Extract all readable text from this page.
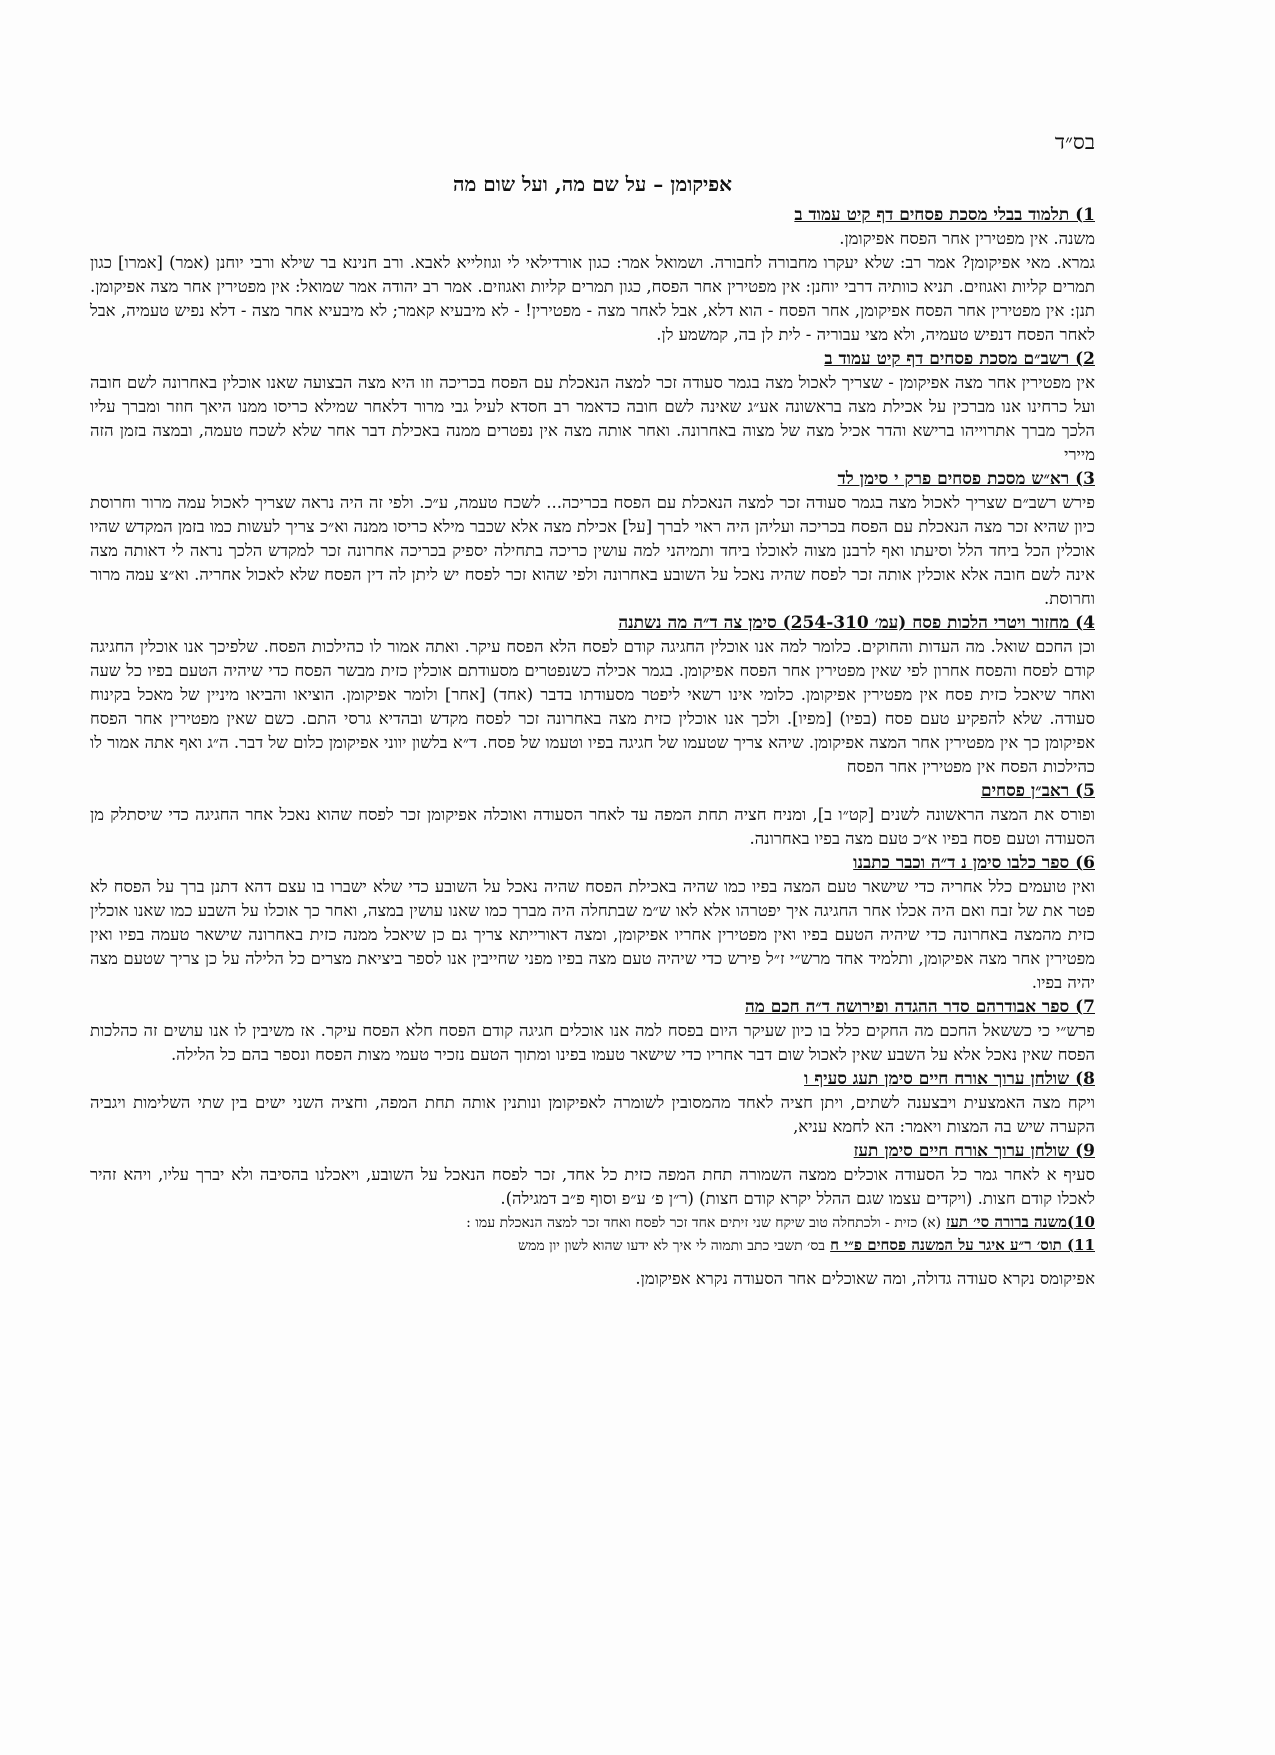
בס״ד
אפיקומן – על שם מה, ועל שום מה
1) תלמוד בבלי מסכת פסחים דף קיט עמוד ב

משנה. אין מפטירין אחר הפסח אפיקומן.

גמרא. מאי אפיקומן? אמר רב: שלא יעקרו מחבורה לחבורה. ושמואל אמר: כגון אורדילאי לי וגוזלייא לאבא. ורב חנינא בר שילא ורבי יוחנן (אמר) [אמרו] כגון תמרים קליות ואגוזים. תניא כוותיה דרבי יוחנן: אין מפטירין אחר הפסח, כגון תמרים קליות ואגוזים. אמר רב יהודה אמר שמואל: אין מפטירין אחר מצה אפיקומן. תנן: אין מפטירין אחר הפסח אפיקומן, אחר הפסח - הוא דלא, אבל לאחר מצה - מפטירין! - לא מיבעיא קאמר; לא מיבעיא אחר מצה - דלא נפיש טעמיה, אבל לאחר הפסח דנפיש טעמיה, ולא מצי עבוריה - לית לן בה, קמשמע לן.

2) רשב״ם מסכת פסחים דף קיט עמוד ב

אין מפטירין אחר מצה אפיקומן - שצריך לאכול מצה בגמר סעודה זכר למצה הנאכלת עם הפסח בכריכה וזו היא מצה הבצועה שאנו אוכלין באחרונה לשם חובה ועל כרחינו אנו מברכין על אכילת מצה בראשונה אע״ג שאינה לשם חובה כדאמר רב חסדא לעיל גבי מרור דלאחר שמילא כריסו ממנו היאך חוזר ומברך עליו הלכך מברך אתרוייהו ברישא והדר אכיל מצה של מצוה באחרונה. ואחר אותה מצה אין נפטרים ממנה באכילת דבר אחר שלא לשכח טעמה, ובמצה בזמן הזה מיירי

3) רא״ש מסכת פסחים פרק י סימן לד

פירש רשב״ם שצריך לאכול מצה בגמר סעודה זכר למצה הנאכלת עם הפסח בכריכה... לשכח טעמה, ע״כ. ולפי זה היה נראה שצריך לאכול עמה מרור וחרוסת כיון שהיא זכר מצה הנאכלת עם הפסח בכריכה ועליהן היה ראוי לברך [על] אכילת מצה אלא שכבר מילא כריסו ממנה וא״כ צריך לעשות כמו בזמן המקדש שהיו אוכלין הכל ביחד הלל וסיעתו ואף לרבנן מצוה לאוכלו ביחד ותמיהני למה עושין כריכה בתחילה יספיק בכריכה אחרונה זכר למקדש הלכך נראה לי דאותה מצה אינה לשם חובה אלא אוכלין אותה זכר לפסח שהיה נאכל על השובע באחרונה ולפי שהוא זכר לפסח יש ליתן לה דין הפסח שלא לאכול אחריה. וא״צ עמה מרור וחרוסת.

4) מחזור ויטרי הלכות פסח (עמ׳ 254-310) סימן צה ד״ה מה נשתנה

וכן החכם שואל. מה העדות והחוקים. כלומר למה אנו אוכלין החגיגה קודם לפסח הלא הפסח עיקר. ואתה אמור לו כהילכות הפסח. שלפיכך אנו אוכלין החגיגה קודם לפסח והפסח אחרון לפי שאין מפטירין אחר הפסח אפיקומן. בגמר אכילה כשנפטרים מסעודתם אוכלין כזית מבשר הפסח כדי שיהיה הטעם בפיו כל שעה ואחר שיאכל כזית פסח אין מפטירין אפיקומן. כלומי אינו רשאי ליפטר מסעודתו בדבר (אחד) [אחר] ולומר אפיקומן. הוציאו והביאו מיניין של מאכל בקינוח סעודה. שלא להפקיע טעם פסח (בפיו) [מפיו]. ולכך אנו אוכלין כזית מצה באחרונה זכר לפסח מקדש ובהדיא גרסי התם. כשם שאין מפטירין אחר הפסח אפיקומן כך אין מפטירין אחר המצה אפיקומן. שיהא צריך שטעמו של חגיגה בפיו וטעמו של פסח. ד״א בלשון יווני אפיקומן כלום של דבר. ה״ג ואף אתה אמור לו כהילכות הפסח אין מפטירין אחר הפסח

5) ראב״ן פסחים

ופורס את המצה הראשונה לשנים [קט״ו ב], ומניח חציה תחת המפה עד לאחר הסעודה ואוכלה אפיקומן זכר לפסח שהוא נאכל אחר החגיגה כדי שיסתלק מן הסעודה וטעם פסח בפיו א״כ טעם מצה בפיו באחרונה.

6) ספר כלבו סימן נ ד״ה וכבר כתבנו

ואין טועמים כלל אחריה כדי שישאר טעם המצה בפיו כמו שהיה באכילת הפסח שהיה נאכל על השובע כדי שלא ישברו בו עצם דהא דתנן ברך על הפסח לא פטר את של זבח ואם היה אכלו אחר החגיגה איך יפטרהו אלא לאו ש״מ שבתחלה היה מברך כמו שאנו עושין במצה, ואחר כך אוכלו על השבע כמו שאנו אוכלין כזית מהמצה באחרונה כדי שיהיה הטעם בפיו ואין מפטירין אחריו אפיקומן, ומצה דאורייתא צריך גם כן שיאכל ממנה כזית באחרונה שישאר טעמה בפיו ואין מפטירין אחר מצה אפיקומן, ותלמיד אחד מרש״י ז״ל פירש כדי שיהיה טעם מצה בפיו מפני שחייבין אנו לספר ביציאת מצרים כל הלילה על כן צריך שטעם מצה יהיה בפיו.

7) ספר אבודרהם סדר ההגדה ופירושה ד״ה חכם מה

פרש״י כי כששאל החכם מה החקים כלל בו כיון שעיקר היום בפסח למה אנו אוכלים חגיגה קודם הפסח חלא הפסח עיקר. אז משיבין לו אנו עושים זה כהלכות הפסח שאין נאכל אלא על השבע שאין לאכול שום דבר אחריו כדי שישאר טעמו בפינו ומתוך הטעם נזכיר טעמי מצות הפסח ונספר בהם כל הלילה.

8) שולחן ערוך אורח חיים סימן תעג סעיף ו

ויקח מצה האמצעית ויבצענה לשתים, ויתן חציה לאחד מהמסובין לשומרה לאפיקומן ונותנין אותה תחת המפה, וחציה השני ישים בין שתי השלימות ויגביה הקערה שיש בה המצות ויאמר: הא לחמא עניא,

9) שולחן ערוך אורח חיים סימן תעז

סעיף א לאחר גמר כל הסעודה אוכלים ממצה השמורה תחת המפה כזית כל אחד, זכר לפסח הנאכל על השובע, ויאכלנו בהסיבה ולא יברך עליו, ויהא זהיר לאכלו קודם חצות. (ויקדים עצמו שגם ההלל יקרא קודם חצות) (ר״ן פ׳ ע״פ וסוף פ״ב דמגילה).

10)משנה ברורה סי׳ תעז (א) כזית - ולכתחלה טוב שיקח שני זיתים אחד זכר לפסח ואחד זכר למצה הנאכלת עמו :
11) תוס׳ ר״ע איגר על המשנה פסחים פ״י ח בס׳ תשבי כתב ותמוה לי איך לא ידעו שהוא לשון יון ממש
אפיקומס נקרא סעודה גדולה, ומה שאוכלים אחר הסעודה נקרא אפיקומן.
